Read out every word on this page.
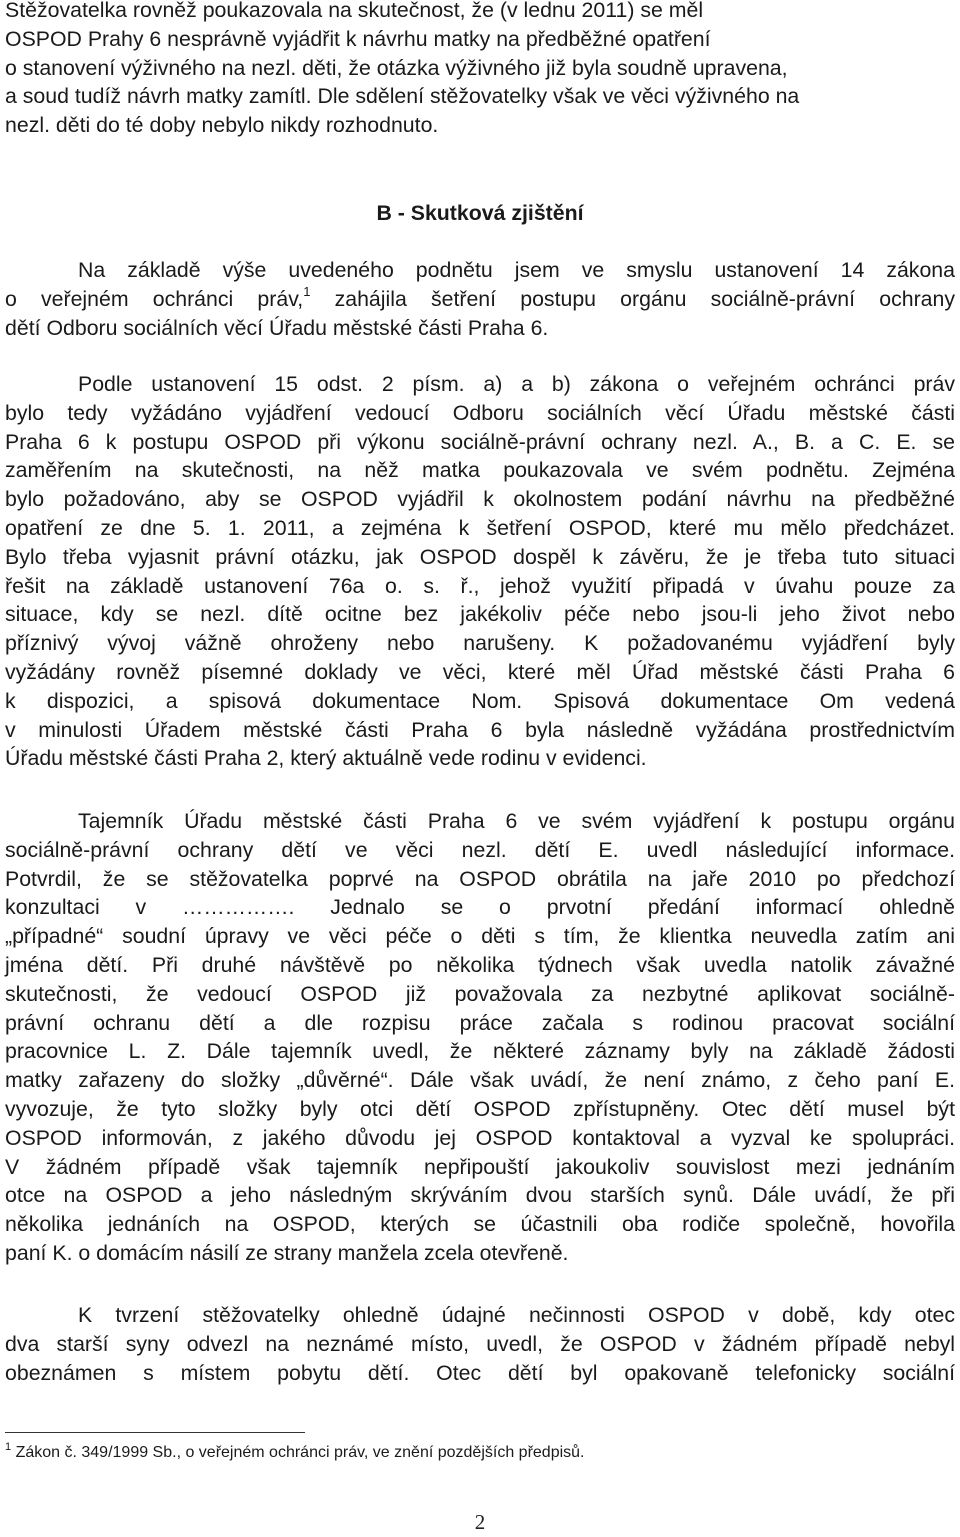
Stěžovatelka rovněž poukazovala na skutečnost, že (v lednu 2011) se měl
OSPOD Prahy 6 nesprávně vyjádřit k návrhu matky na předběžné opatření
o stanovení výživného na nezl. děti, že otázka výživného již byla soudně upravena,
a soud tudíž návrh matky zamítl. Dle sdělení stěžovatelky však ve věci výživného na
nezl. děti do té doby nebylo nikdy rozhodnuto.
B - Skutková zjištění
Na základě výše uvedeného podnětu jsem ve smyslu ustanovení 14 zákona
o veřejném ochránci práv,$^1$ zahájila šetření postupu orgánu sociálně-právní ochrany
dětí Odboru sociálních věcí Úřadu městské části Praha 6.
Podle ustanovení 15 odst. 2 písm. a) a b) zákona o veřejném ochránci práv
bylo tedy vyžádáno vyjádření vedoucí Odboru sociálních věcí Úřadu městské části
Praha 6 k postupu OSPOD při výkonu sociálně-právní ochrany nezl. A., B. a C. E. se
zaměřením na skutečnosti, na něž matka poukazovala ve svém podnětu. Zejména
bylo požadováno, aby se OSPOD vyjádřil k okolnostem podání návrhu na předběžné
opatření ze dne 5. 1. 2011, a zejména k šetření OSPOD, které mu mělo předcházet.
Bylo třeba vyjasnit právní otázku, jak OSPOD dospěl k závěru, že je třeba tuto situaci
řešit na základě ustanovení 76a o. s. ř., jehož využití připadá v úvahu pouze za
situace, kdy se nezl. dítě ocitne bez jakékoliv péče nebo jsou-li jeho život nebo
příznivý vývoj vážně ohroženy nebo narušeny. K požadovanému vyjádření byly
vyžádány rovněž písemné doklady ve věci, které měl Úřad městské části Praha 6
k dispozici, a spisová dokumentace Nom. Spisová dokumentace Om vedená
v minulosti Úřadem městské části Praha 6 byla následně vyžádána prostřednictvím
Úřadu městské části Praha 2, který aktuálně vede rodinu v evidenci.
Tajemník Úřadu městské části Praha 6 ve svém vyjádření k postupu orgánu
sociálně-právní ochrany dětí ve věci nezl. dětí E. uvedl následující informace.
Potvrdil, že se stěžovatelka poprvé na OSPOD obrátila na jaře 2010 po předchozí
konzultaci v ……………. Jednalo se o prvotní předání informací ohledně
„případné“ soudní úpravy ve věci péče o děti s tím, že klientka neuvedla zatím ani
jména dětí. Při druhé návštěvě po několika týdnech však uvedla natolik závažné
skutečnosti, že vedoucí OSPOD již považovala za nezbytné aplikovat sociálně-
právní ochranu dětí a dle rozpisu práce začala s rodinou pracovat sociální
pracovnice L. Z. Dále tajemník uvedl, že některé záznamy byly na základě žádosti
matky zařazeny do složky „důvěrné“. Dále však uvádí, že není známo, z čeho paní E.
vyvozuje, že tyto složky byly otci dětí OSPOD zpřístupněny. Otec dětí musel být
OSPOD informován, z jakého důvodu jej OSPOD kontaktoval a vyzval ke spolupráci.
V žádném případě však tajemník nepřipouští jakoukoliv souvislost mezi jednáním
otce na OSPOD a jeho následným skrýváním dvou starších synů. Dále uvádí, že při
několika jednáních na OSPOD, kterých se účastnili oba rodiče společně, hovořila
paní K. o domácím násilí ze strany manžela zcela otevřeně.
K tvrzení stěžovatelky ohledně údajné nečinnosti OSPOD v době, kdy otec
dva starší syny odvezl na neznámé místo, uvedl, že OSPOD v žádném případě nebyl
obeznámen s místem pobytu dětí. Otec dětí byl opakovaně telefonicky sociální
$^1$ Zákon č. 349/1999 Sb., o veřejném ochránci práv, ve znění pozdějších předpisů.
2
